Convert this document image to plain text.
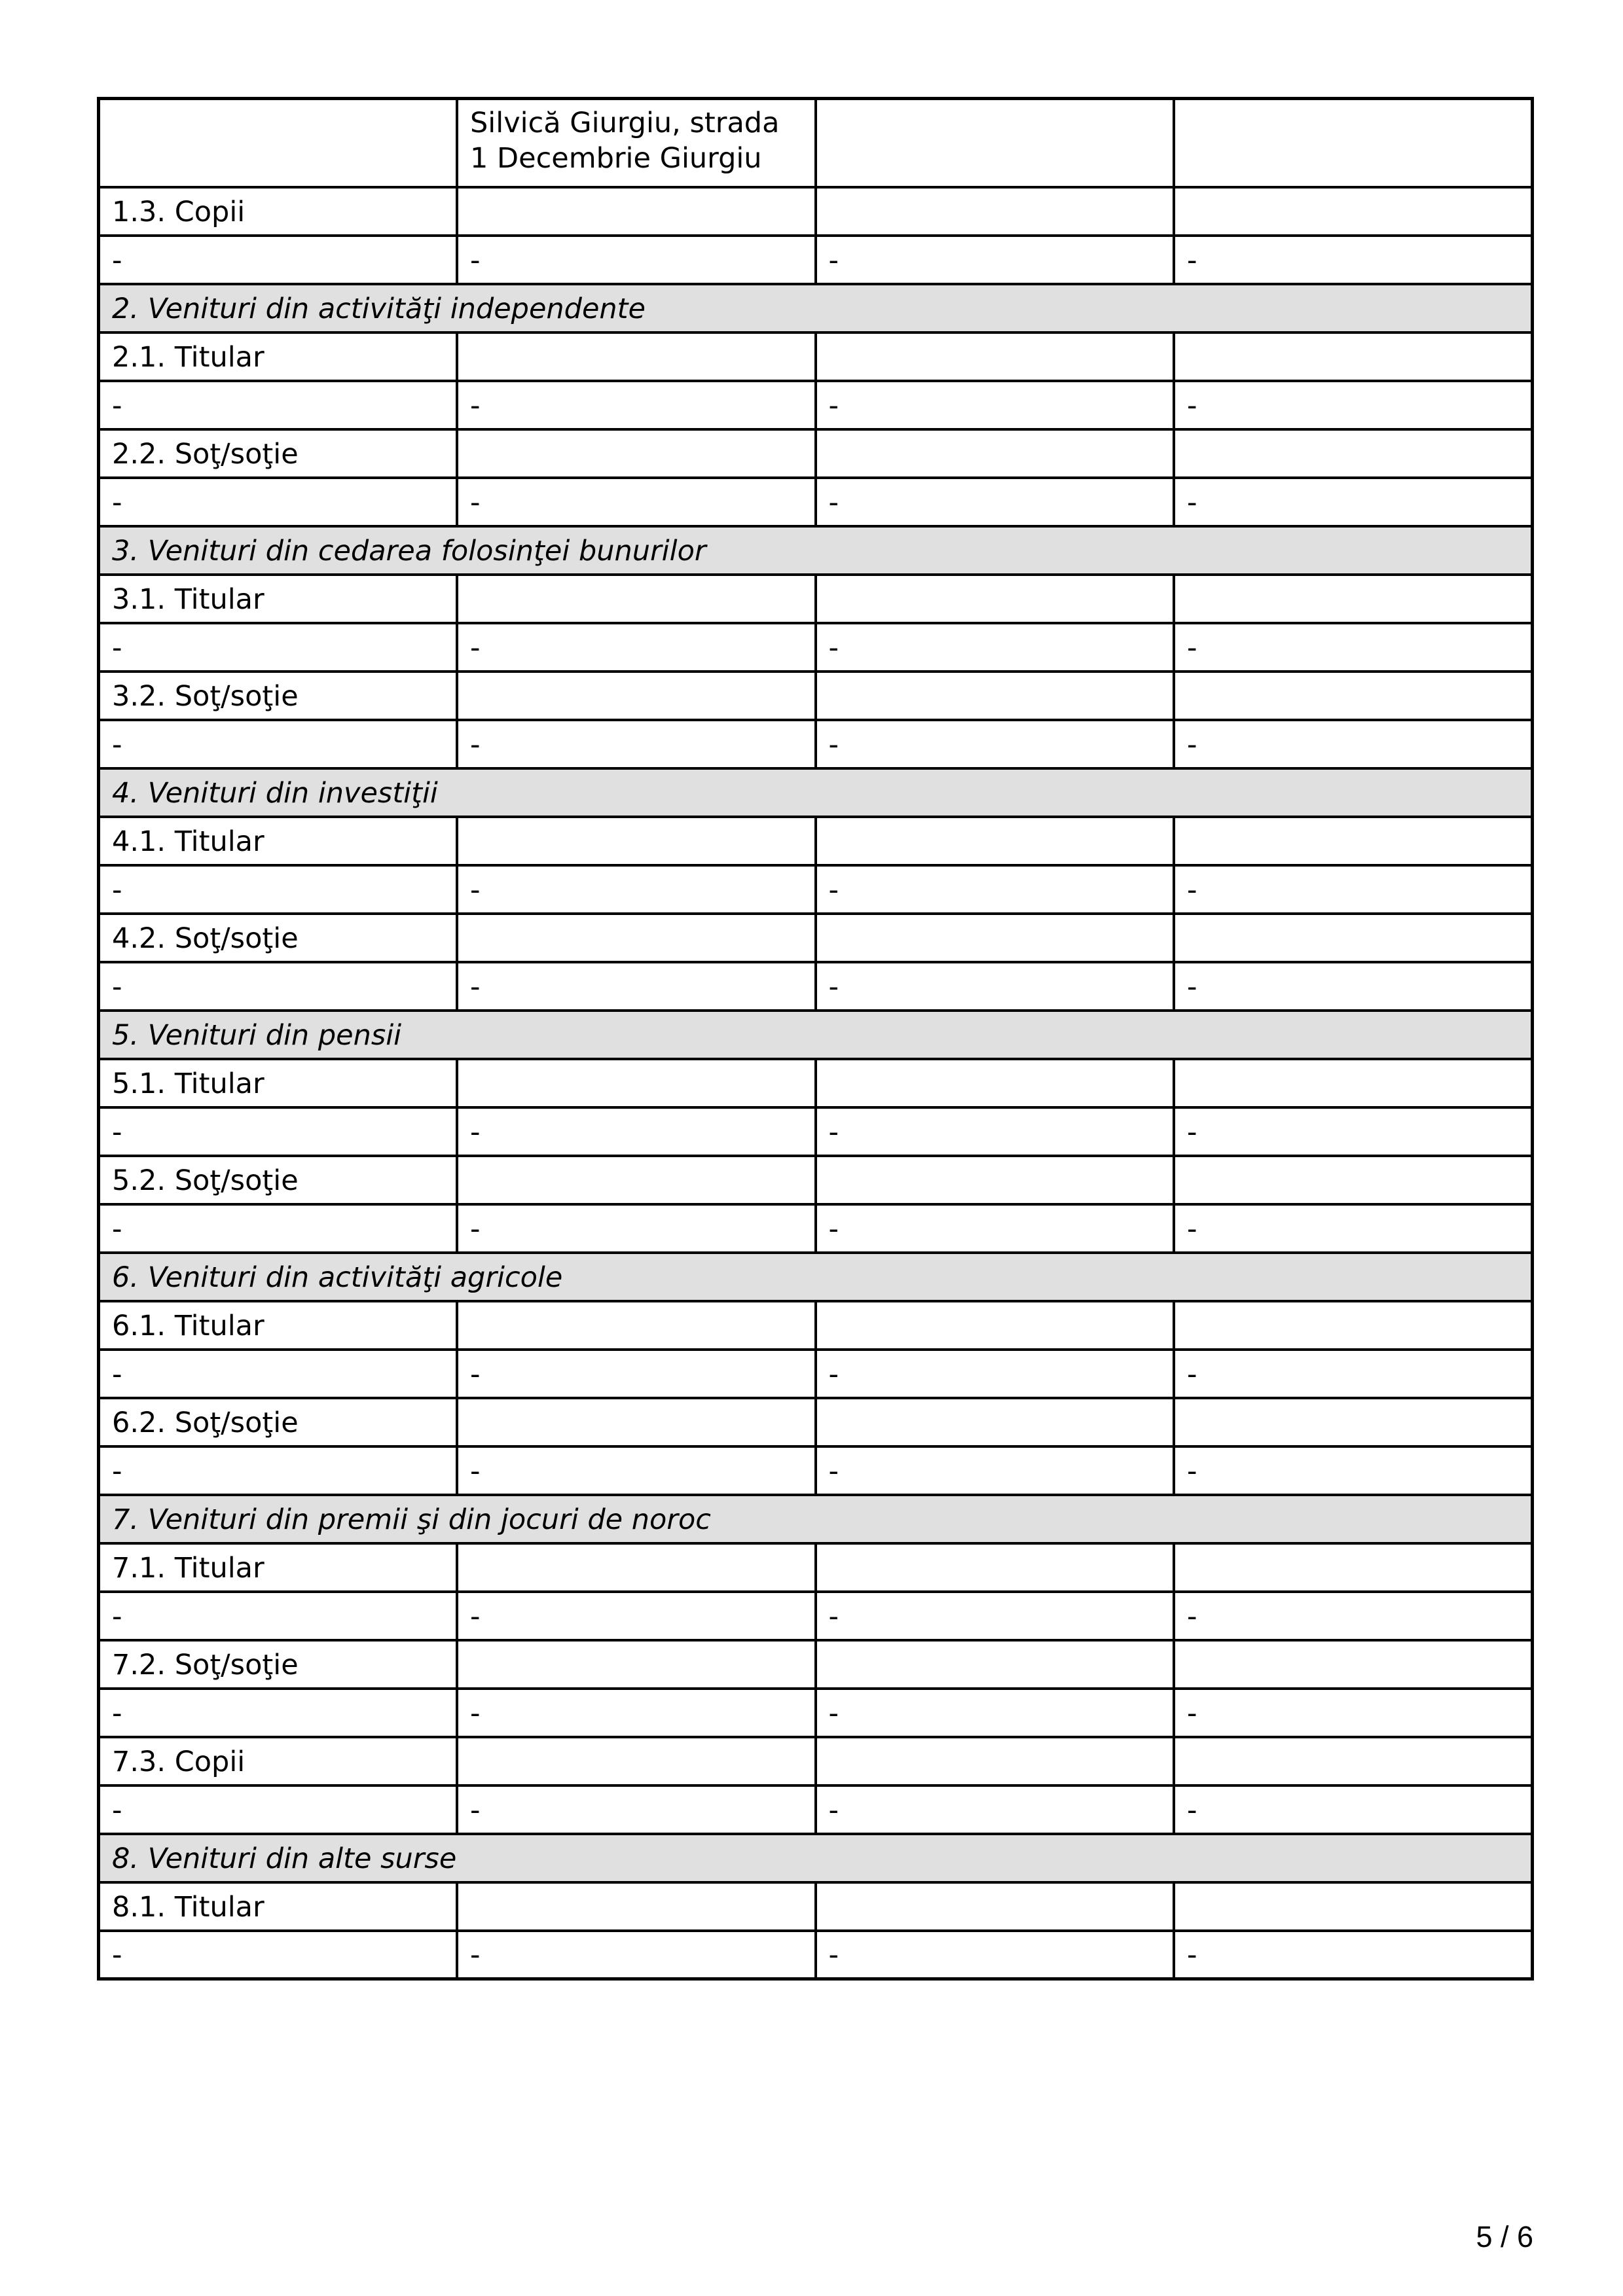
	Silvică Giurgiu, strada 1 Decembrie Giurgiu		
1.3. Copii			
-	-	-	-
2. Venituri din activităţi independente			
2.1. Titular			
-	-	-	-
2.2. Soţ/soţie			
-	-	-	-
3. Venituri din cedarea folosinţei bunurilor			
3.1. Titular			
-	-	-	-
3.2. Soţ/soţie			
-	-	-	-
4. Venituri din investiţii			
4.1. Titular			
-	-	-	-
4.2. Soţ/soţie			
-	-	-	-
5. Venituri din pensii			
5.1. Titular			
-	-	-	-
5.2. Soţ/soţie			
-	-	-	-
6. Venituri din activităţi agricole			
6.1. Titular			
-	-	-	-
6.2. Soţ/soţie			
-	-	-	-
7. Venituri din premii şi din jocuri de noroc			
7.1. Titular			
-	-	-	-
7.2. Soţ/soţie			
-	-	-	-
7.3. Copii			
-	-	-	-
8. Venituri din alte surse			
8.1. Titular			
-	-	-	-
5 / 6
